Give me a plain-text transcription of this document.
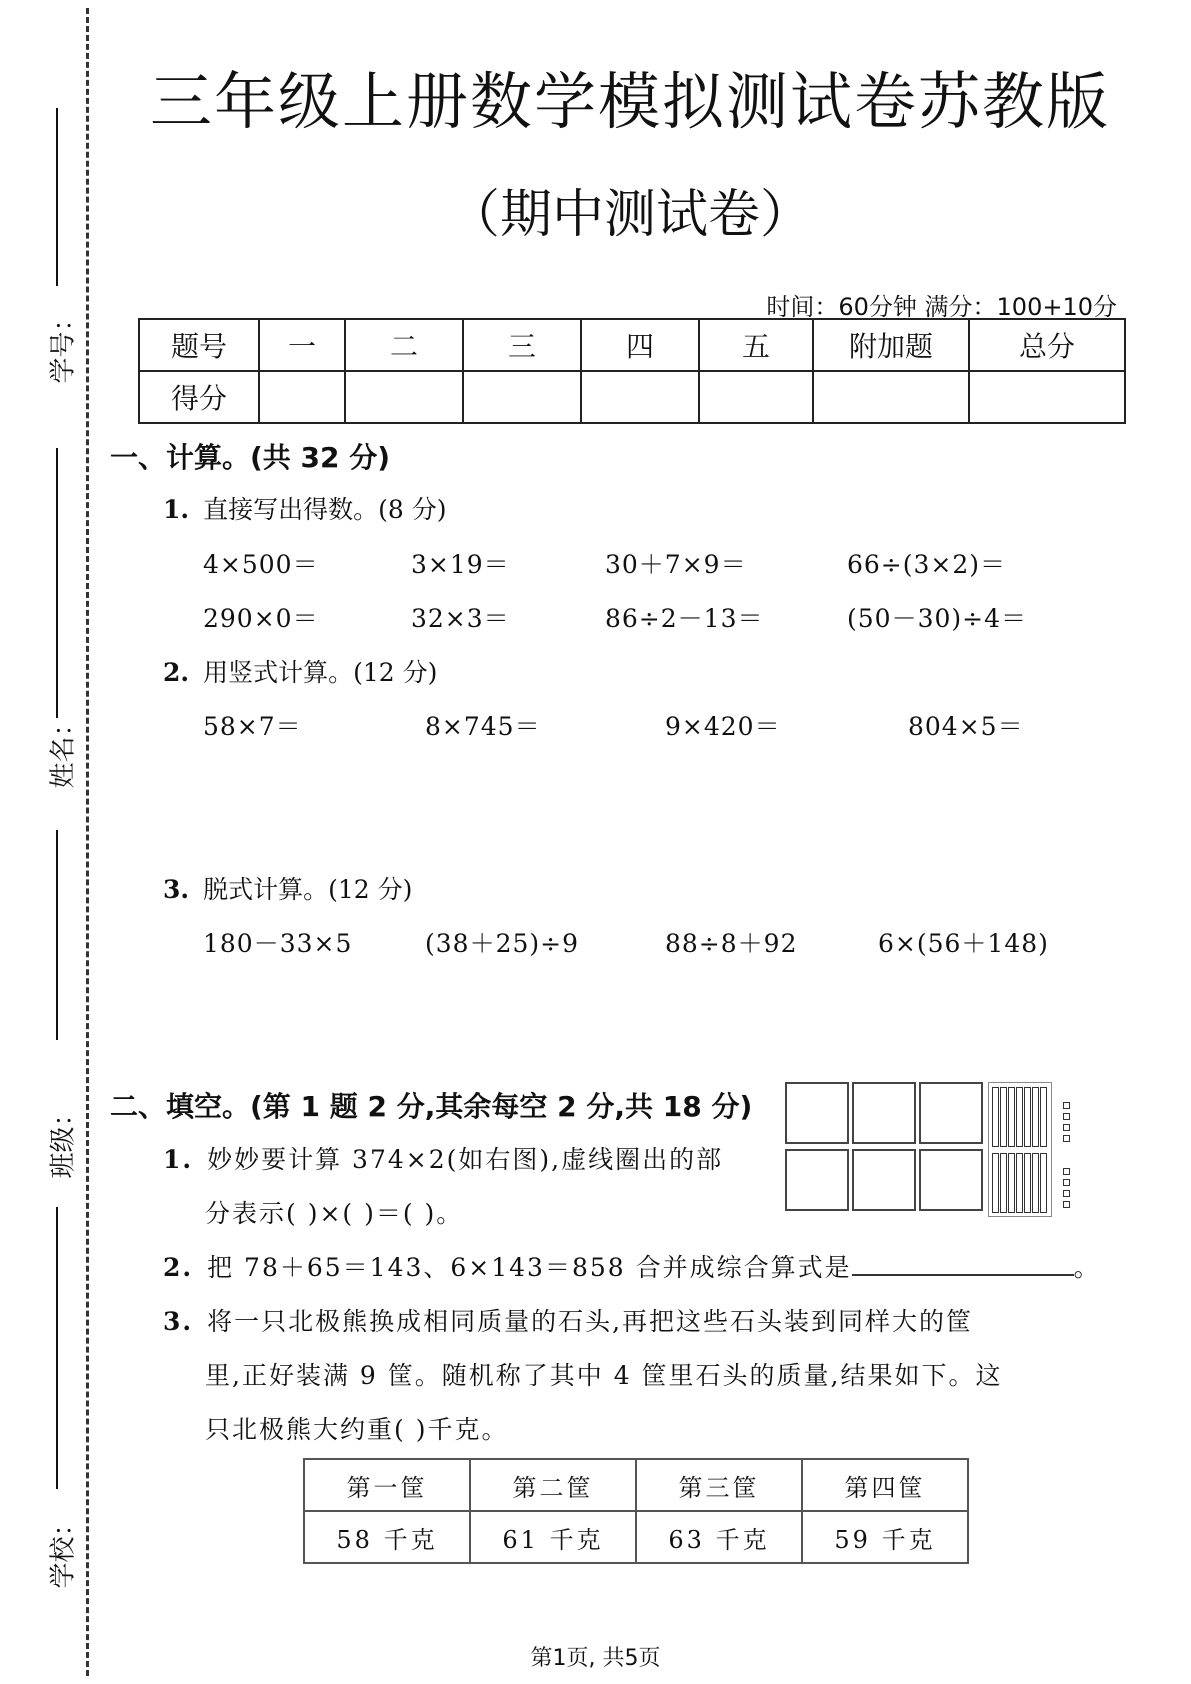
学号：
姓名：
班级：
学校：
三年级上册数学模拟测试卷苏教版
（期中测试卷）
时间：60分钟 满分：100+10分
题号	一	二	三	四	五	附加题	总分
得分							
一、计算。(共 32 分)
1. 直接写出得数。(8 分)
4×500＝	3×19＝	30＋7×9＝	66÷(3×2)＝
290×0＝	32×3＝	86÷2－13＝	(50－30)÷4＝
2. 用竖式计算。(12 分)
58×7＝	8×745＝	9×420＝	804×5＝
3. 脱式计算。(12 分)
180－33×5	(38＋25)÷9	88÷8＋92	6×(56＋148)
二、填空。(第 1 题 2 分,其余每空 2 分,共 18 分)
1. 妙妙要计算 374×2(如右图),虚线圈出的部
分表示( )×( )＝( )。
2. 把 78＋65＝143、6×143＝858 合并成综合算式是	。
3. 将一只北极熊换成相同质量的石头,再把这些石头装到同样大的筐
里,正好装满 9 筐。随机称了其中 4 筐里石头的质量,结果如下。这
只北极熊大约重( )千克。
第一筐	第二筐	第三筐	第四筐
58 千克	61 千克	63 千克	59 千克
第1页, 共5页
